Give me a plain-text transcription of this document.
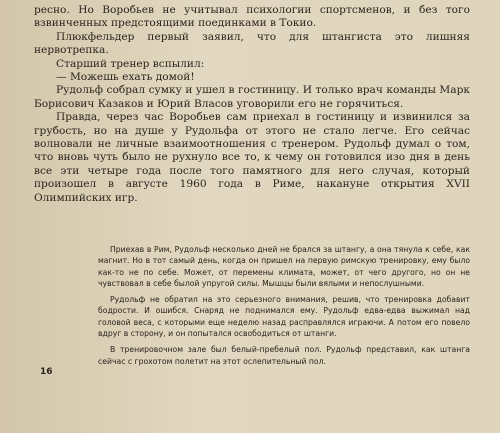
ресно. Но Воробьев не учитывал психологии спортсменов, и без того взвинченных предстоящими поединками в Токио.

Плюкфельдер первый заявил, что для штангиста это лишняя нервотрепка.

Старший тренер вспылил:

— Можешь ехать домой!

Рудольф собрал сумку и ушел в гостиницу. И только врач команды Марк Борисович Казаков и Юрий Власов уговорили его не горячиться.

Правда, через час Воробьев сам приехал в гостиницу и извинился за грубость, но на душе у Рудольфа от этого не стало легче. Его сейчас волновали не личные взаимоотношения с тренером. Рудольф думал о том, что вновь чуть было не рухнуло все то, к чему он готовился изо дня в день все эти четыре года после того памятного для него случая, который произошел в августе 1960 года в Риме, накануне открытия XVII Олимпийских игр.

Приехав в Рим, Рудольф несколько дней не брался за штангу, а она тянула к себе, как магнит. Но в тот самый день, когда он пришел на первую римскую тренировку, ему было как-то не по себе. Может, от перемены климата, может, от чего другого, но он не чувствовал в себе былой упругой силы. Мышцы были вялыми и непослушными.

Рудольф не обратил на это серьезного внимания, решив, что тренировка добавит бодрости. И ошибся. Снаряд не поднимался ему. Рудольф едва-едва выжимал над головой веса, с которыми еще неделю назад расправлялся играючи. А потом его повело вдруг в сторону, и он попытался освободиться от штанги.

В тренировочном зале был белый-пребелый пол. Рудольф представил, как штанга сейчас с грохотом полетит на этот ослепительный пол.

16
